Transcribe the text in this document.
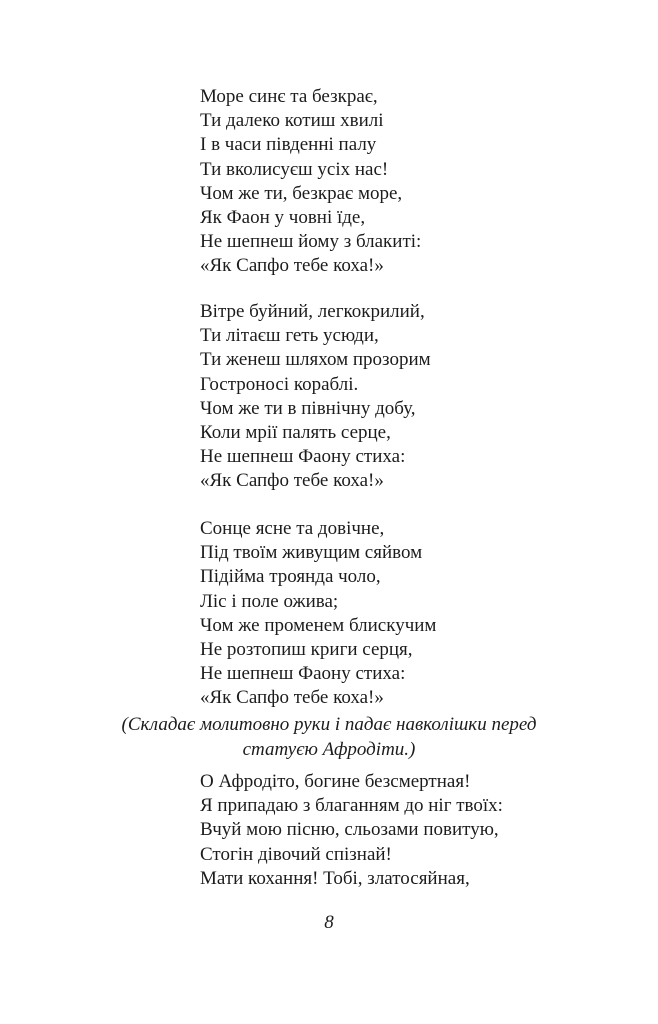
Море синє та безкрає,
Ти далеко котиш хвилі
І в часи південні палу
Ти вколисуєш усіх нас!
Чом же ти, безкрає море,
Як Фаон у човні їде,
Не шепнеш йому з блакиті:
«Як Сапфо тебе коха!»
Вітре буйний, легкокрилий,
Ти літаєш геть усюди,
Ти женеш шляхом прозорим
Гостроносі кораблі.
Чом же ти в північну добу,
Коли мрії палять серце,
Не шепнеш Фаону стиха:
«Як Сапфо тебе коха!»
Сонце ясне та довічне,
Під твоїм живущим сяйвом
Підійма троянда чоло,
Ліс і поле ожива;
Чом же променем блискучим
Не розтопиш криги серця,
Не шепнеш Фаону стиха:
«Як Сапфо тебе коха!»
(Складає молитовно руки і падає навколішки перед
статуєю Афродіти.)
О Афродіто, богине безсмертная!
Я припадаю з благанням до ніг твоїх:
Вчуй мою пісню, сльозами повитую,
Стогін дівочий спізнай!
Мати кохання! Тобі, златосяйная,
8
